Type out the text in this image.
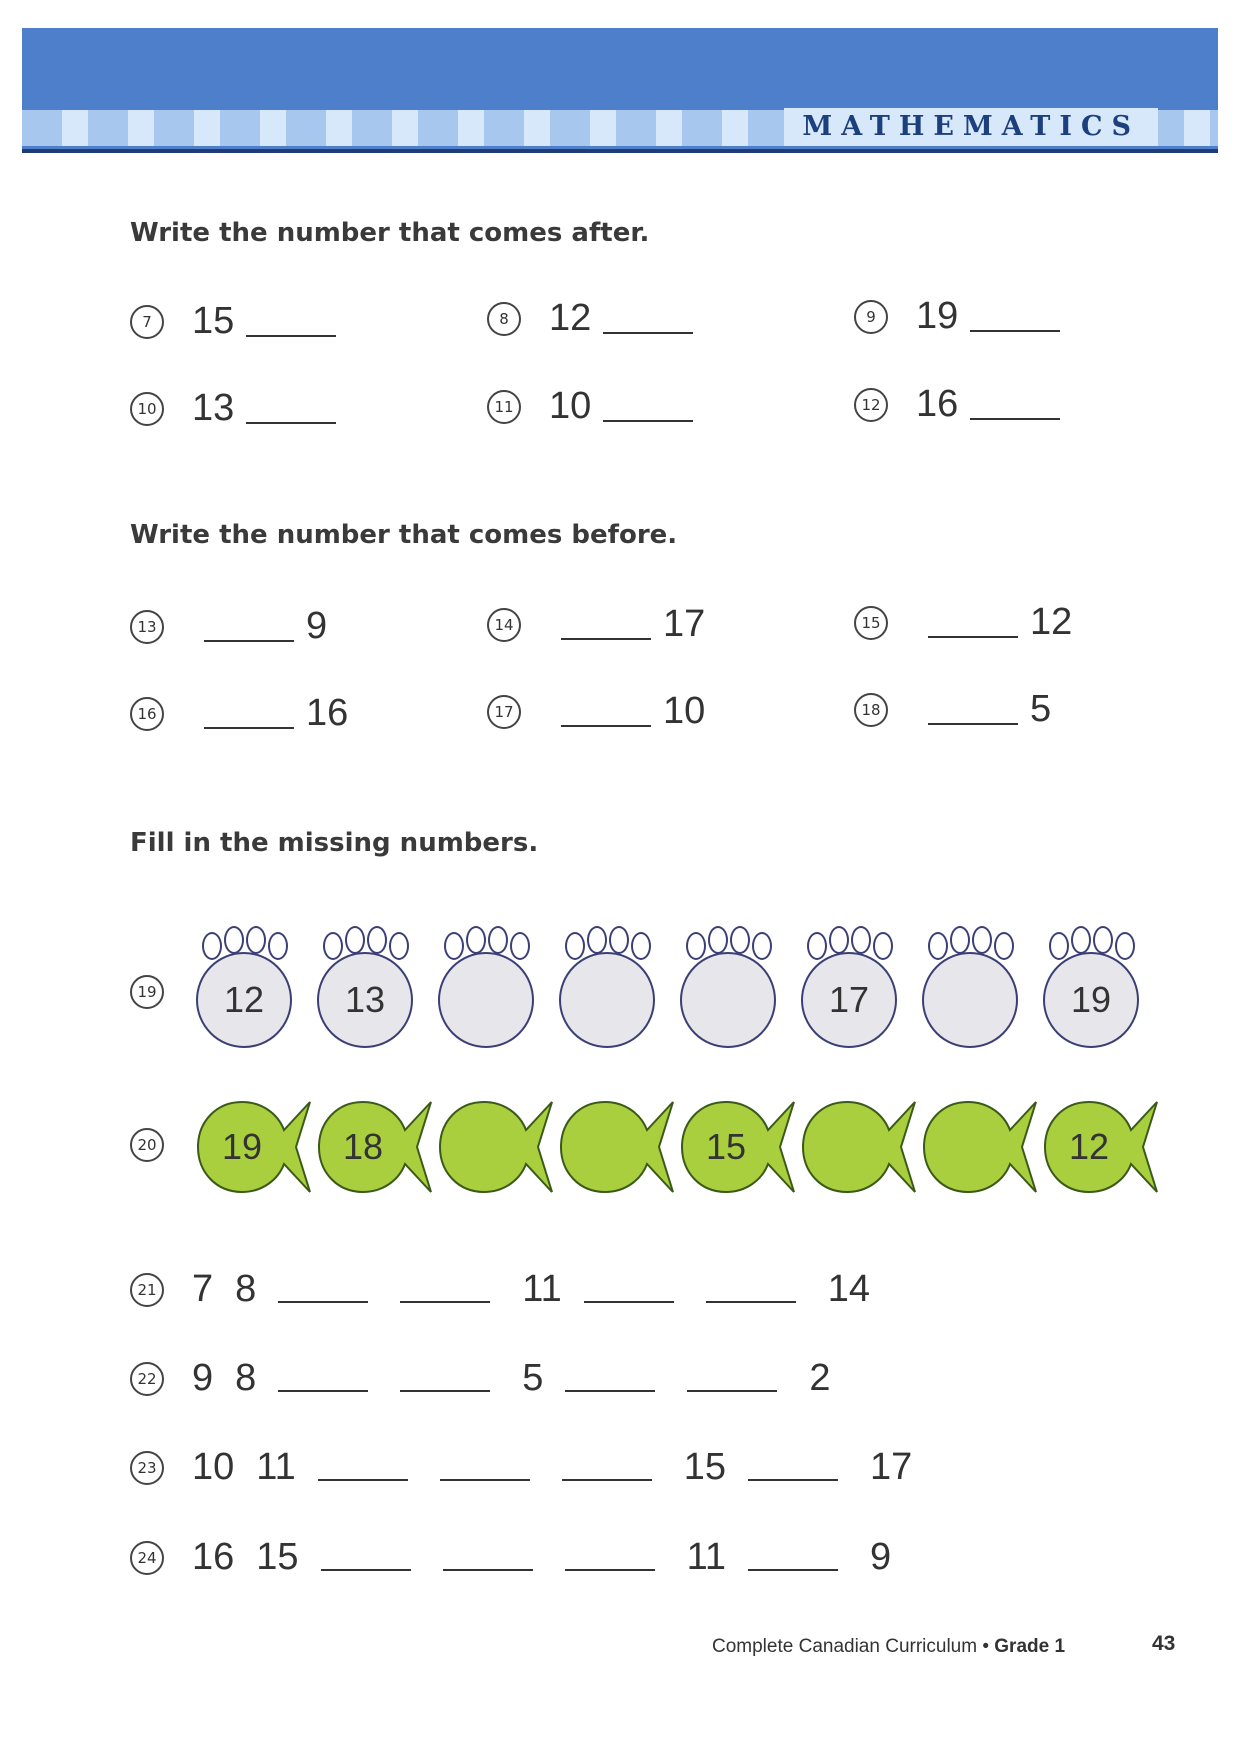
MATHEMATICS
Write the number that comes after.
7	15	8	12	9	19
10 13	11 10	12 16
Write the number that comes before.
13	9	14	17	15	12
16	16	17	10	18	5
Fill in the missing numbers.
19	12	13	17	19
20	19	18	15	12
21 7 8	11	14
22 9 8	5	2
23 10 11	15	17
24 16 15	11	9
Complete Canadian Curriculum • Grade 1	43
